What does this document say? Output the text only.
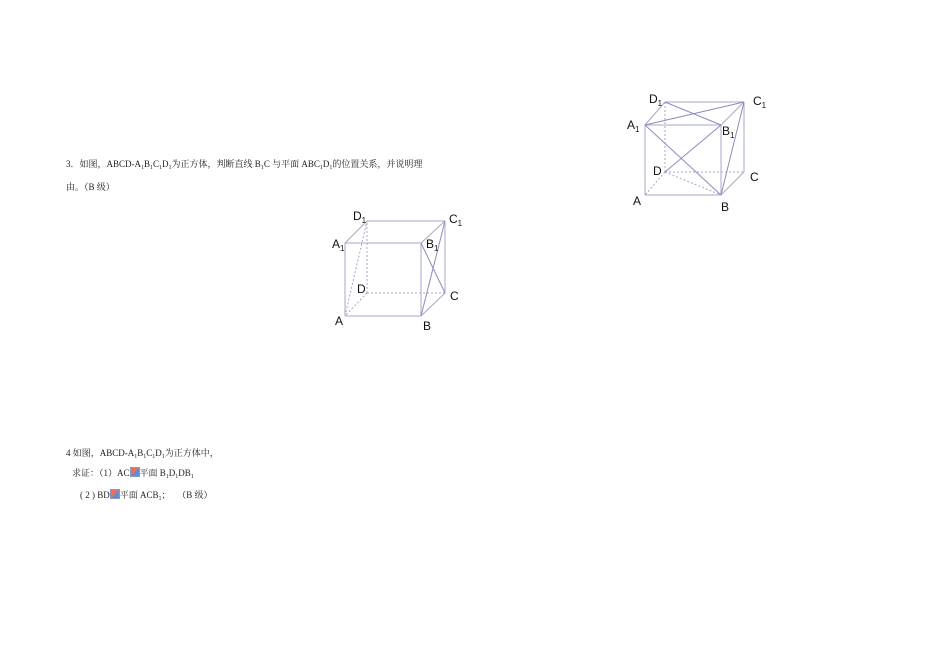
3．如图，ABCD-$A_1B_1C_1D_1$为正方体，判断直线 $B_1C$ 与平面 $ABC_1D_1$的位置关系，并说明理
由。（B 级）
4 如图，ABCD-$A_1B_1C_1D_1$为正方体中，
求证：（1）AC 平面 $B_1D_1DB_1$
( 2 ) BD 平面 $ACB_1$；　 （B 级）
$D_1$	$C_1$
$A_1$	$B_1$
D	C
A	B
$D_1$	$C_1$
$A_1$	$B_1$
D	C
A	B
